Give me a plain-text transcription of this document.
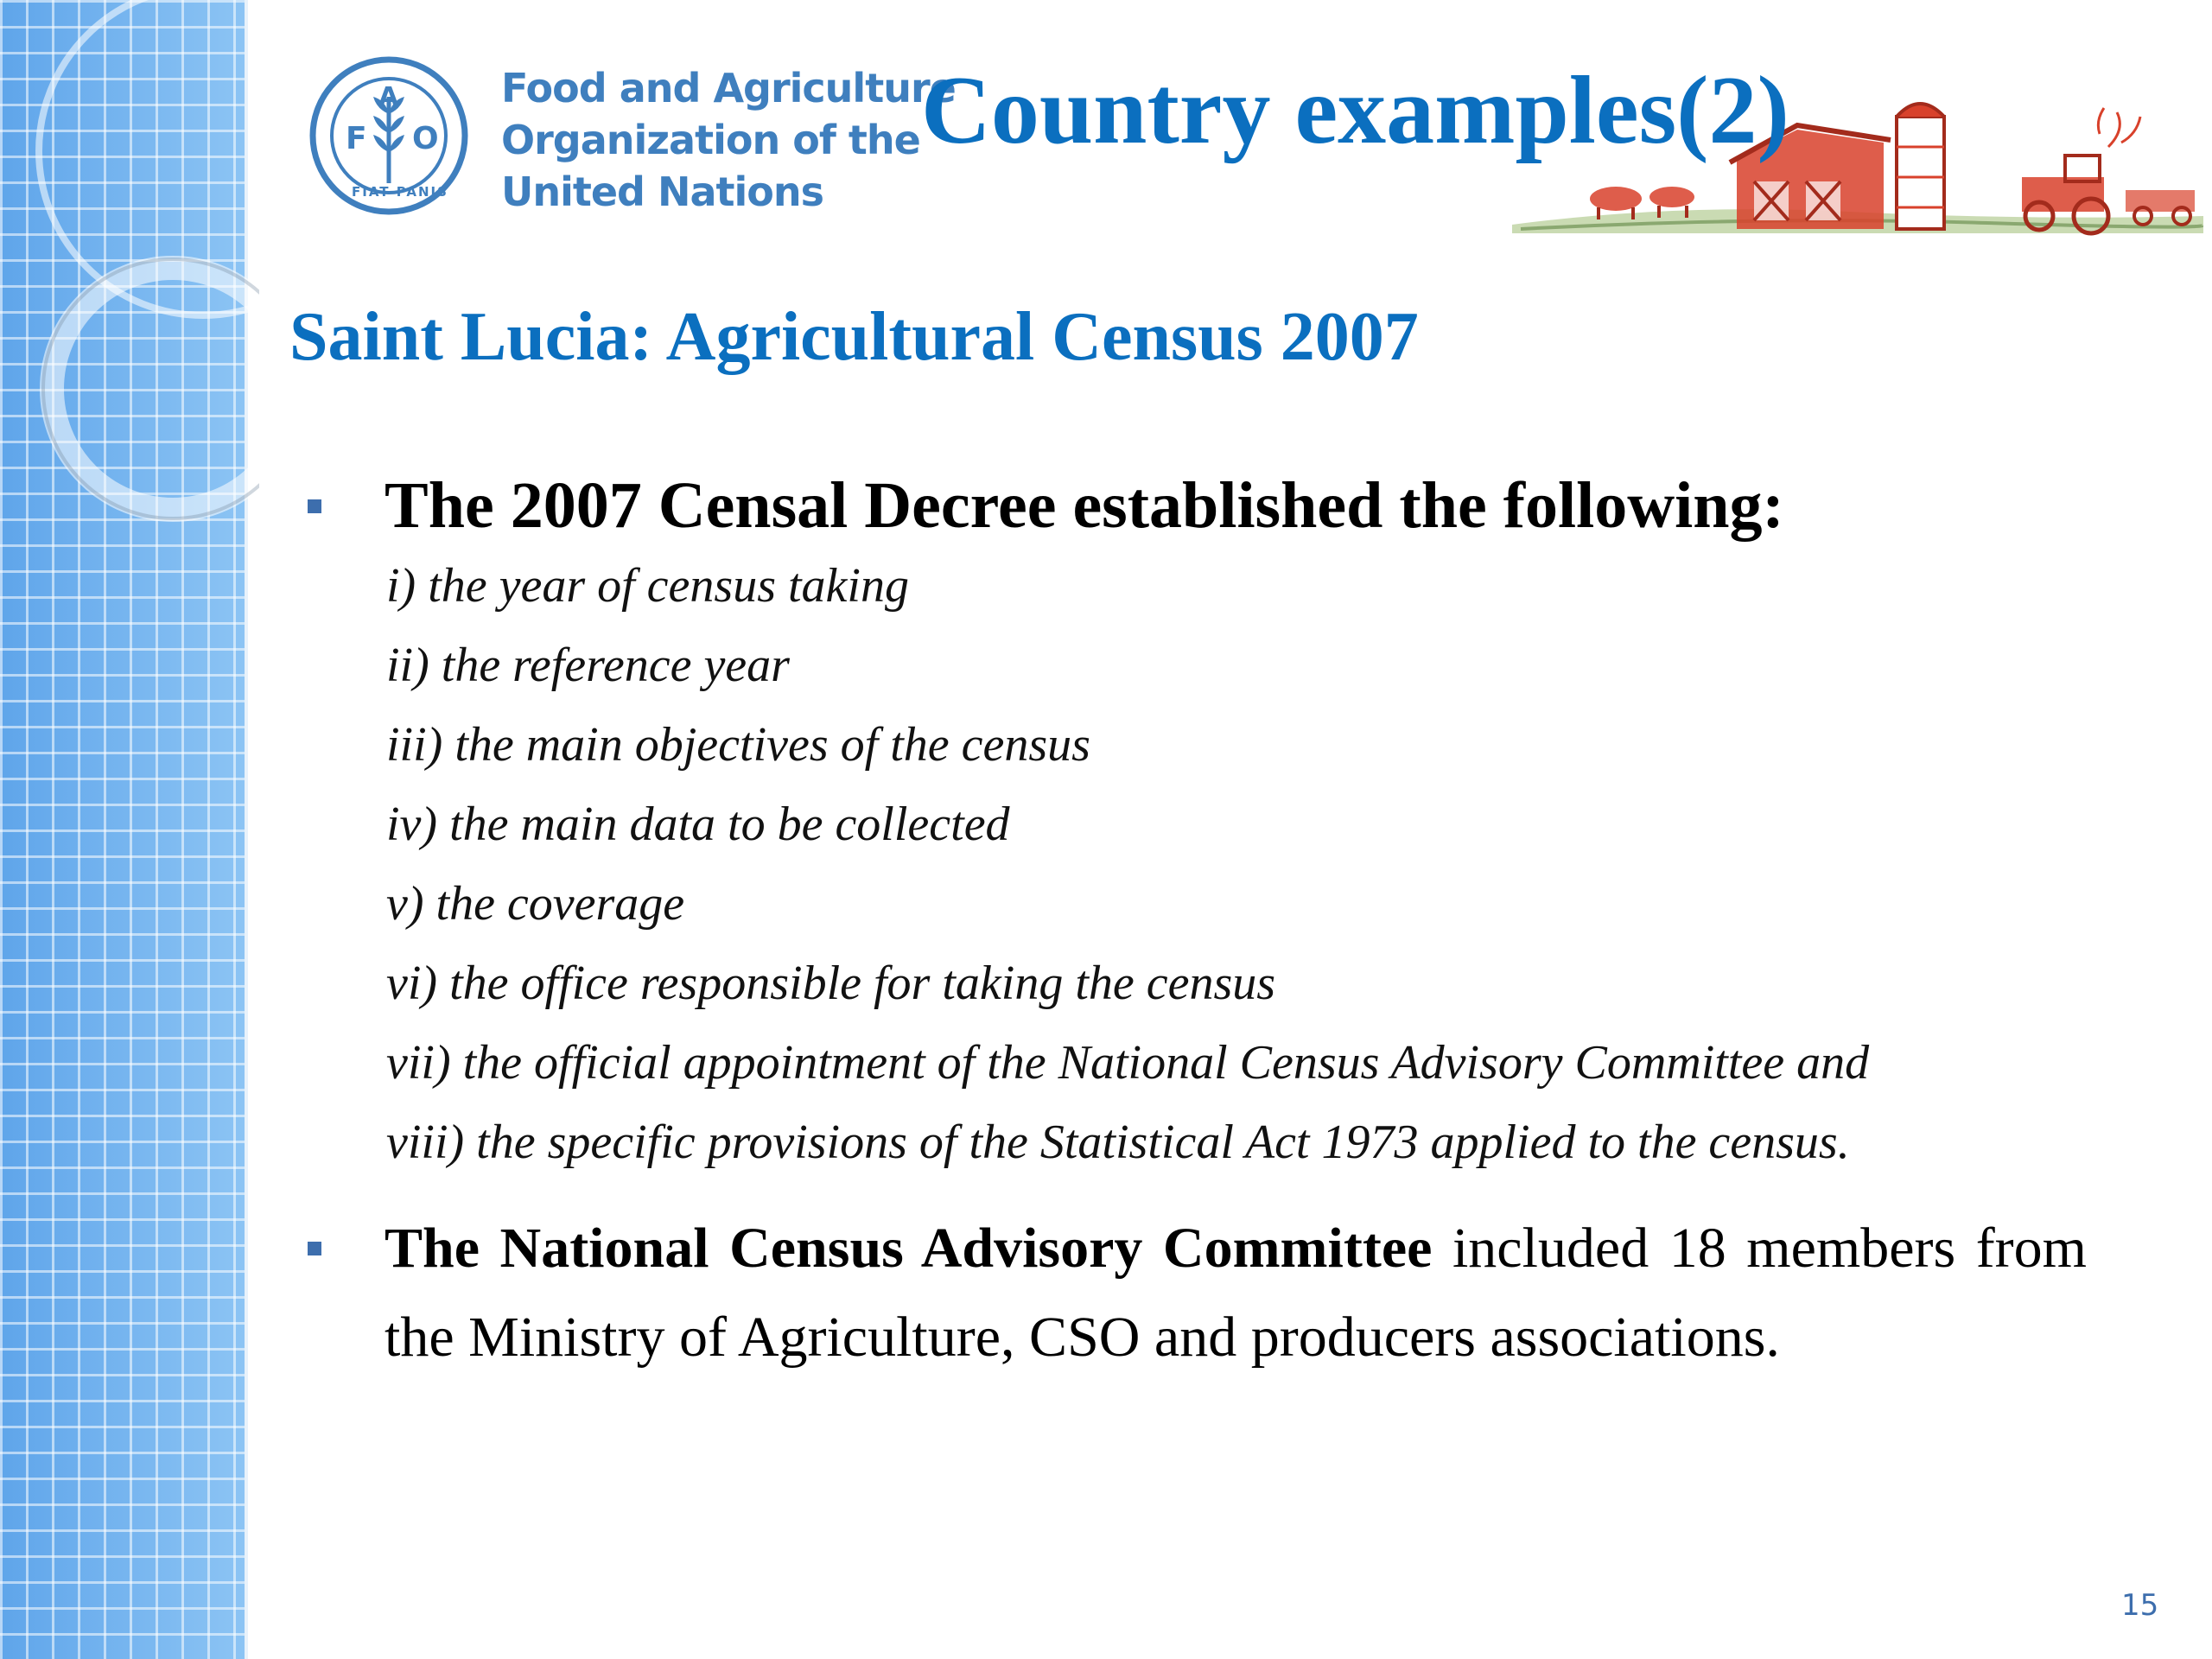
F
A
O
FIAT PANIS
Food and Agriculture
Organization of the
United Nations
Country examples(2)
Saint Lucia: Agricultural Census 2007
The 2007 Censal Decree established the following:
i) the year of census taking
ii) the reference year
iii) the main objectives of the census
iv) the main data to be collected
v) the coverage
vi) the office responsible for taking the census
vii) the official appointment of the National Census Advisory Committee and
viii) the specific provisions of the Statistical Act 1973 applied to the census.
The National Census Advisory Committee included 18 members from the Ministry of Agriculture, CSO and producers associations.
15
